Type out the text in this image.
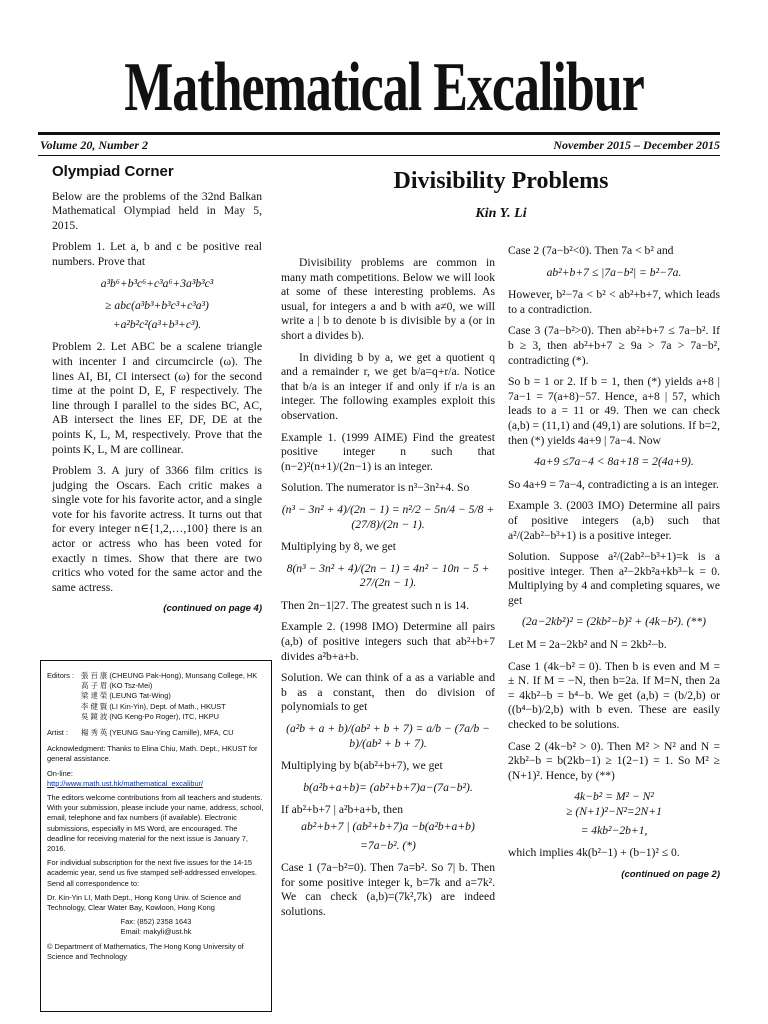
Mathematical Excalibur
Volume 20, Number 2	November 2015 – December 2015
Olympiad Corner

Below are the problems of the 32nd Balkan Mathematical Olympiad held in May 5, 2015.

Problem 1. Let a, b and c be positive real numbers. Prove that

a³b⁶+b³c⁶+c³a⁶+3a³b³c³
≥ abc(a³b³+b³c³+c³a³)
+a²b²c²(a³+b³+c³).

Problem 2. Let ABC be a scalene triangle with incenter I and circumcircle (ω). The lines AI, BI, CI intersect (ω) for the second time at the point D, E, F respectively. The line through I parallel to the sides BC, AC, AB intersect the lines EF, DF, DE at the points K, L, M, respectively. Prove that the points K, L, M are collinear.

Problem 3. A jury of 3366 film critics is judging the Oscars. Each critic makes a single vote for his favorite actor, and a single vote for his favorite actress. It turns out that for every integer n∈{1,2,…,100} there is an actor or actress who has been voted for exactly n times. Show that there are two critics who voted for the same actor and the same actress.

(continued on page 4)
Editors : 張 百 康 (CHEUNG Pak-Hong), Munsang College, HK
高 子 眉 (KO Tsz-Mei)
梁 達 榮 (LEUNG Tat-Wing)
李 健 賢 (LI Kin-Yin), Dept. of Math., HKUST
吳 鏡 波 (NG Keng-Po Roger), ITC, HKPU
Artist :	楊 秀 英 (YEUNG Sau-Ying Camille), MFA, CU

Acknowledgment: Thanks to Elina Chiu, Math. Dept., HKUST for general assistance.

On-line:

http://www.math.ust.hk/mathematical_excalibur/

The editors welcome contributions from all teachers and students. With your submission, please include your name, address, school, email, telephone and fax numbers (if available). Electronic submissions, especially in MS Word, are encouraged. The deadline for receiving material for the next issue is January 7, 2016.

For individual subscription for the next five issues for the 14-15 academic year, send us five stamped self-addressed envelopes. Send all correspondence to:

Dr. Kin-Yin LI, Math Dept., Hong Kong Univ. of Science and Technology, Clear Water Bay, Kowloon, Hong Kong

Fax: (852) 2358 1643

Email: makyli@ust.hk

© Department of Mathematics, The Hong Kong University of Science and Technology

Divisibility Problems
Kin Y. Li

Divisibility problems are common in many math competitions. Below we will look at some of these interesting problems. As usual, for integers a and b with a≠0, we will write a | b to denote b is divisible by a (or in short a divides b).

In dividing b by a, we get a quotient q and a remainder r, we get b/a=q+r/a. Notice that b/a is an integer if and only if r/a is an integer. The following examples exploit this observation.

Example 1. (1999 AIME) Find the greatest positive integer n such that (n−2)²(n+1)/(2n−1) is an integer.

Solution. The numerator is n³−3n²+4. So

(n³ − 3n² + 4)/(2n − 1) = n²/2 − 5n/4 − 5/8 + (27/8)/(2n − 1).

Multiplying by 8, we get

8(n³ − 3n² + 4)/(2n − 1) = 4n² − 10n − 5 + 27/(2n − 1).

Then 2n−1|27. The greatest such n is 14.

Example 2. (1998 IMO) Determine all pairs (a,b) of positive integers such that ab²+b+7 divides a²b+a+b.

Solution. We can think of a as a variable and b as a constant, then do division of polynomials to get

(a²b + a + b)/(ab² + b + 7) = a/b − (7a/b − b)/(ab² + b + 7).

Multiplying by b(ab²+b+7), we get

b(a²b+a+b)= (ab²+b+7)a−(7a−b²).

If ab²+b+7 | a²b+a+b, then

ab²+b+7 | (ab²+b+7)a −b(a²b+a+b)
=7a−b². (*)

Case 1 (7a−b²=0). Then 7a=b². So 7| b. Then for some positive integer k, b=7k and a=7k². We can check (a,b)=(7k²,7k) are indeed solutions.

Case 2 (7a−b²<0). Then 7a < b² and

ab²+b+7 ≤ |7a−b²| = b²−7a.

However, b²−7a < b² < ab²+b+7, which leads to a contradiction.

Case 3 (7a−b²>0). Then ab²+b+7 ≤ 7a−b². If b ≥ 3, then ab²+b+7 ≥ 9a > 7a > 7a−b², contradicting (*).

So b = 1 or 2. If b = 1, then (*) yields a+8 | 7a−1 = 7(a+8)−57. Hence, a+8 | 57, which leads to a = 11 or 49. Then we can check (a,b) = (11,1) and (49,1) are solutions. If b=2, then (*) yields 4a+9 | 7a−4. Now

4a+9 ≤7a−4 < 8a+18 = 2(4a+9).

So 4a+9 = 7a−4, contradicting a is an integer.

Example 3. (2003 IMO) Determine all pairs of positive integers (a,b) such that a²/(2ab²−b³+1) is a positive integer.

Solution. Suppose a²/(2ab²−b³+1)=k is a positive integer. Then a²−2kb²a+kb³−k = 0. Multiplying by 4 and completing squares, we get

(2a−2kb²)² = (2kb²−b)² + (4k−b²). (**)

Let M = 2a−2kb² and N = 2kb²−b.

Case 1 (4k−b² = 0). Then b is even and M = ± N. If M = −N, then b=2a. If M=N, then 2a = 4kb²−b = b⁴−b. We get (a,b) = (b/2,b) or ((b⁴−b)/2,b) with b even. These are easily checked to be solutions.

Case 2 (4k−b² > 0). Then M² > N² and N = 2kb²−b = b(2kb−1) ≥ 1(2−1) = 1. So M² ≥ (N+1)². Hence, by (**)

4k−b² = M² − N²
≥ (N+1)²−N²=2N+1
= 4kb²−2b+1,

which implies 4k(b²−1) + (b−1)² ≤ 0.

(continued on page 2)
